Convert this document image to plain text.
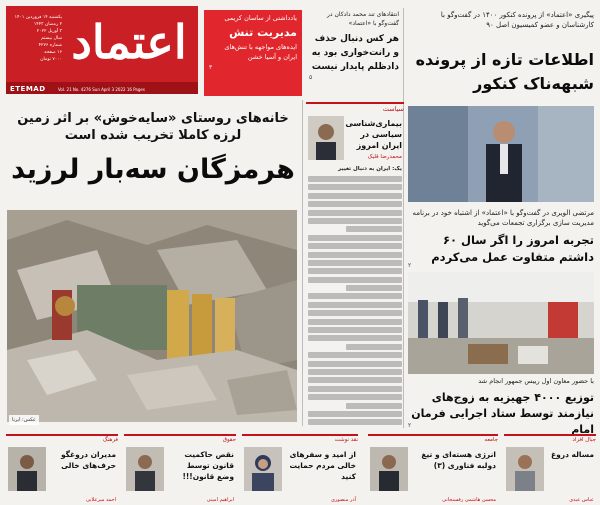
اعتماد
یکشنبه ۱۴ فروردین ۱۴۰۱
۲ رمضان ۱۴۴۳
۳ آوریل ۲۰۲۲
سال بیستم
شماره ۴۲۷۶
۱۶ صفحه
۷۰۰۰ تومان
ETEMAD	Vol. 21 No. 4276 Sun April 3 2022 16 Pages
یادداشتی از ساسان کریمی
مدیریت تنش
ایده‌های مواجهه با تنش‌های ایران و آسیا خشن
۳
انتقادهای تند محمد دادکان در گفت‌وگو با «اعتماد»
هر کس دنبال حذف و رانت‌خواری بود به دادظلم پایدار نیست
۵
خانه‌های روستای «سایه‌خوش» بر اثر زمین لرزه کاملا تخریب شده است
هرمزگان سه‌بار لرزید
عکس: ایرنا
سیاست
بیماری‌شناسی سیاسی در ایران امروز
محمدرضا قلیک
یک: ایران به دنبال تغییر
پیگیری «اعتماد» از پرونده کنکور ۱۴۰۰ در گفت‌وگو با کارشناسان و عضو کمیسیون اصل ۹۰
اطلاعات تازه از پرونده شبهه‌ناک کنکور
مرتضی الویری در گفت‌وگو با «اعتماد» از اشتباه خود در برنامه مدیریت سازی برگزاری تجمعات می‌گوید
تجربه امروز را اگر سال ۶۰ داشتم متفاوت عمل می‌کردم
۲
با حضور معاون اول رییس جمهور انجام شد
توزیع ۴۰۰۰ جهیزیه به زوج‌های نیازمند توسط ستاد اجرایی فرمان امام
۲
فرهنگ
مدیران دروغگو حرف‌های خالی
احمد میرعلایی
حقوق
نقص حاکمیت قانون توسط وضع قانون!!!
ابراهیم امینی
نقد نوشت
از امید و سفرهای خالی مردم حمایت کنید
آذر منصوری
جامعه
انرژی هسته‌ای و تیغ دولبه فناوری (۳)
محسن هاشمی رفسنجانی
جبال افراد
مساله دروغ
عباس عبدی
